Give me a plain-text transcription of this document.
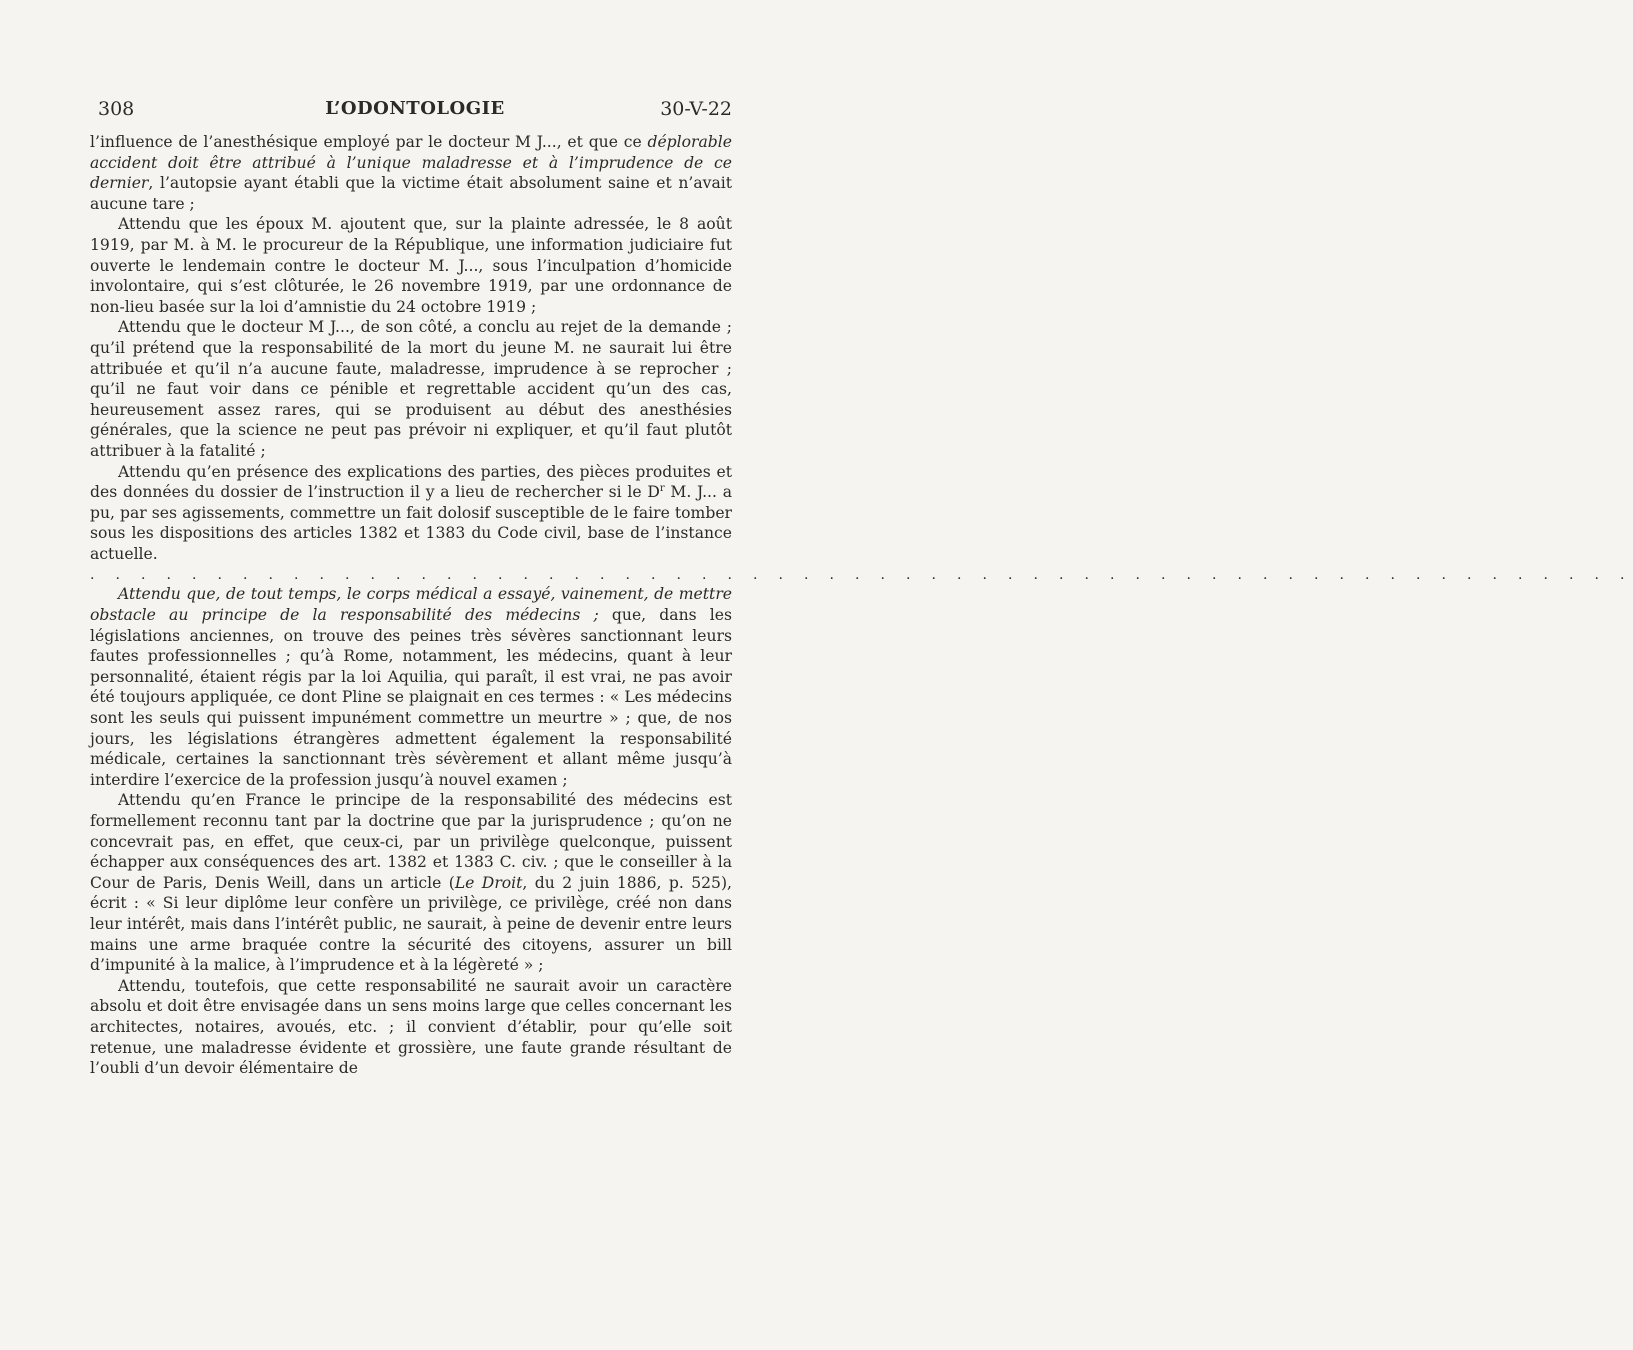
308	L’ODONTOLOGIE	30-V-22

l’influence de l’anesthésique employé par le docteur M J..., et que ce déplorable accident doit être attribué à l’unique maladresse et à l’imprudence de ce dernier, l’autopsie ayant établi que la victime était absolument saine et n’avait aucune tare ;

Attendu que les époux M. ajoutent que, sur la plainte adressée, le 8 août 1919, par M. à M. le procureur de la République, une information judiciaire fut ouverte le lendemain contre le docteur M. J..., sous l’inculpation d’homicide involontaire, qui s’est clôturée, le 26 novembre 1919, par une ordonnance de non-lieu basée sur la loi d’amnistie du 24 octobre 1919 ;

Attendu que le docteur M J..., de son côté, a conclu au rejet de la demande ; qu’il prétend que la responsabilité de la mort du jeune M. ne saurait lui être attribuée et qu’il n’a aucune faute, maladresse, imprudence à se reprocher ; qu’il ne faut voir dans ce pénible et regrettable accident qu’un des cas, heureusement assez rares, qui se produisent au début des anesthésies générales, que la science ne peut pas prévoir ni expliquer, et qu’il faut plutôt attribuer à la fatalité ;

Attendu qu’en présence des explications des parties, des pièces produites et des données du dossier de l’instruction il y a lieu de rechercher si le $D^r$ M. J... a pu, par ses agissements, commettre un fait dolosif susceptible de le faire tomber sous les dispositions des articles 1382 et 1383 du Code civil, base de l’instance actuelle.

. . . . . . . . . . . . . . . . . . . . . . . . . . . . . . . . . . . . . . . . . . . . . . . . . . . . . . . . . . . . .

Attendu que, de tout temps, le corps médical a essayé, vainement, de mettre obstacle au principe de la responsabilité des médecins ; que, dans les législations anciennes, on trouve des peines très sévères sanctionnant leurs fautes professionnelles ; qu’à Rome, notamment, les médecins, quant à leur personnalité, étaient régis par la loi Aquilia, qui paraît, il est vrai, ne pas avoir été toujours appliquée, ce dont Pline se plaignait en ces termes : « Les médecins sont les seuls qui puissent impunément commettre un meurtre » ; que, de nos jours, les législations étrangères admettent également la responsabilité médicale, certaines la sanctionnant très sévèrement et allant même jusqu’à interdire l’exercice de la profession jusqu’à nouvel examen ;

Attendu qu’en France le principe de la responsabilité des médecins est formellement reconnu tant par la doctrine que par la jurisprudence ; qu’on ne concevrait pas, en effet, que ceux-ci, par un privilège quelconque, puissent échapper aux conséquences des art. 1382 et 1383 C. civ. ; que le conseiller à la Cour de Paris, Denis Weill, dans un article (Le Droit, du 2 juin 1886, p. 525), écrit : « Si leur diplôme leur confère un privilège, ce privilège, créé non dans leur intérêt, mais dans l’intérêt public, ne saurait, à peine de devenir entre leurs mains une arme braquée contre la sécurité des citoyens, assurer un bill d’impunité à la malice, à l’imprudence et à la légèreté » ;

Attendu, toutefois, que cette responsabilité ne saurait avoir un caractère absolu et doit être envisagée dans un sens moins large que celles concernant les architectes, notaires, avoués, etc. ; il convient d’établir, pour qu’elle soit retenue, une maladresse évidente et grossière, une faute grande résultant de l’oubli d’un devoir élémentaire de
